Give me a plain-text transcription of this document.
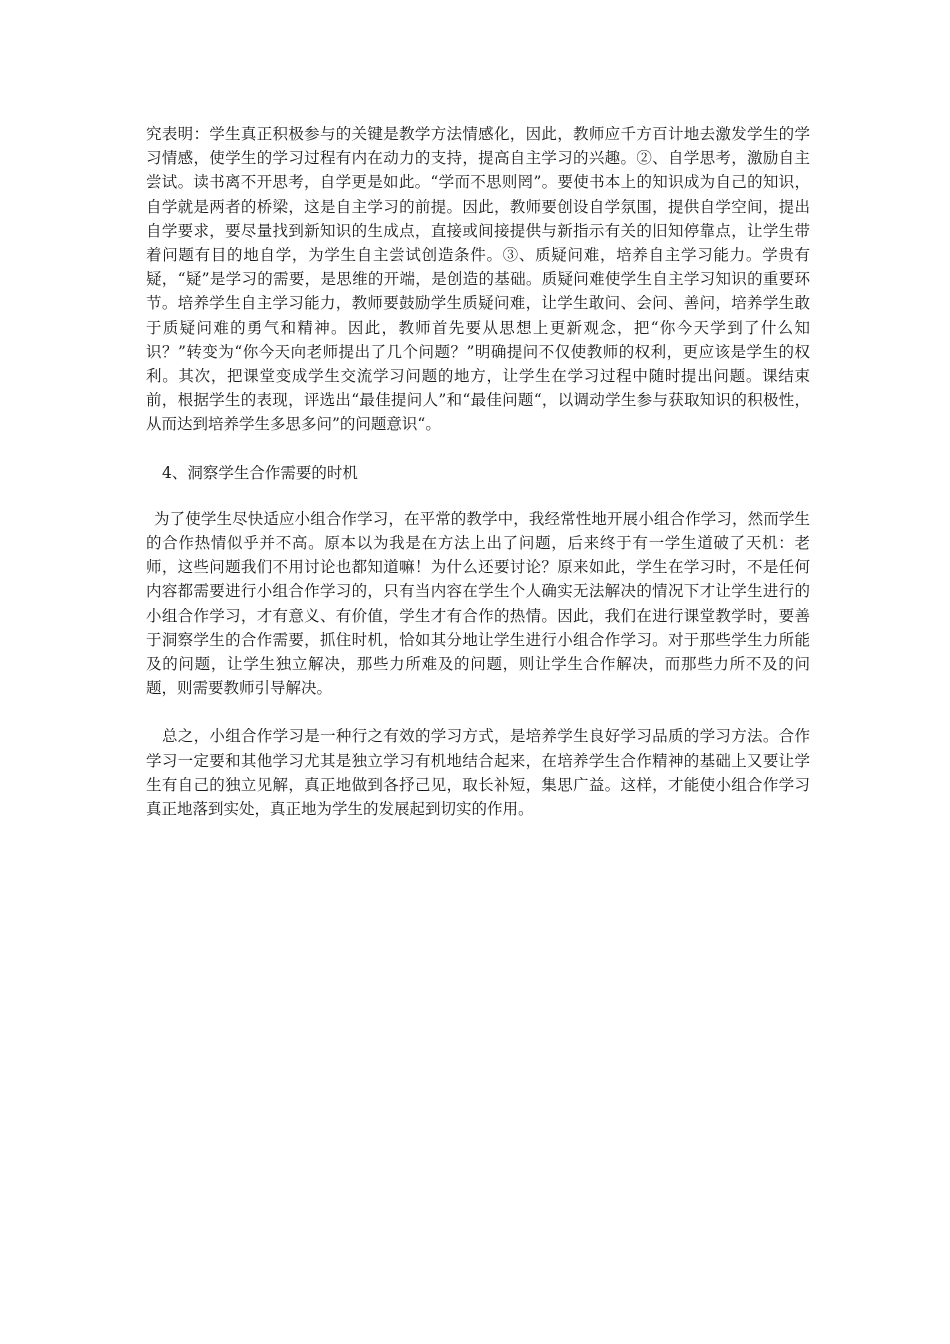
究表明：学生真正积极参与的关键是教学方法情感化，因此，教师应千方百计地去激发学生的学习情感，使学生的学习过程有内在动力的支持，提高自主学习的兴趣。②、自学思考，激励自主尝试。读书离不开思考，自学更是如此。“学而不思则罔”。要使书本上的知识成为自己的知识，自学就是两者的桥梁，这是自主学习的前提。因此，教师要创设自学氛围，提供自学空间，提出自学要求，要尽量找到新知识的生成点，直接或间接提供与新指示有关的旧知停靠点，让学生带着问题有目的地自学，为学生自主尝试创造条件。③、质疑问难，培养自主学习能力。学贵有疑，“疑”是学习的需要，是思维的开端，是创造的基础。质疑问难使学生自主学习知识的重要环节。培养学生自主学习能力，教师要鼓励学生质疑问难，让学生敢问、会问、善问，培养学生敢于质疑问难的勇气和精神。因此，教师首先要从思想上更新观念，把“你今天学到了什么知识？”转变为“你今天向老师提出了几个问题？”明确提问不仅使教师的权利，更应该是学生的权利。其次，把课堂变成学生交流学习问题的地方，让学生在学习过程中随时提出问题。课结束前，根据学生的表现，评选出“最佳提问人”和“最佳问题“，以调动学生参与获取知识的积极性，从而达到培养学生多思多问”的问题意识“。

4、洞察学生合作需要的时机

为了使学生尽快适应小组合作学习，在平常的教学中，我经常性地开展小组合作学习，然而学生的合作热情似乎并不高。原本以为我是在方法上出了问题，后来终于有一学生道破了天机：老师，这些问题我们不用讨论也都知道嘛！为什么还要讨论？原来如此，学生在学习时，不是任何内容都需要进行小组合作学习的，只有当内容在学生个人确实无法解决的情况下才让学生进行的小组合作学习，才有意义、有价值，学生才有合作的热情。因此，我们在进行课堂教学时，要善于洞察学生的合作需要，抓住时机，恰如其分地让学生进行小组合作学习。对于那些学生力所能及的问题，让学生独立解决，那些力所难及的问题，则让学生合作解决，而那些力所不及的问题，则需要教师引导解决。

总之，小组合作学习是一种行之有效的学习方式，是培养学生良好学习品质的学习方法。合作学习一定要和其他学习尤其是独立学习有机地结合起来，在培养学生合作精神的基础上又要让学生有自己的独立见解，真正地做到各抒己见，取长补短，集思广益。这样，才能使小组合作学习真正地落到实处，真正地为学生的发展起到切实的作用。
